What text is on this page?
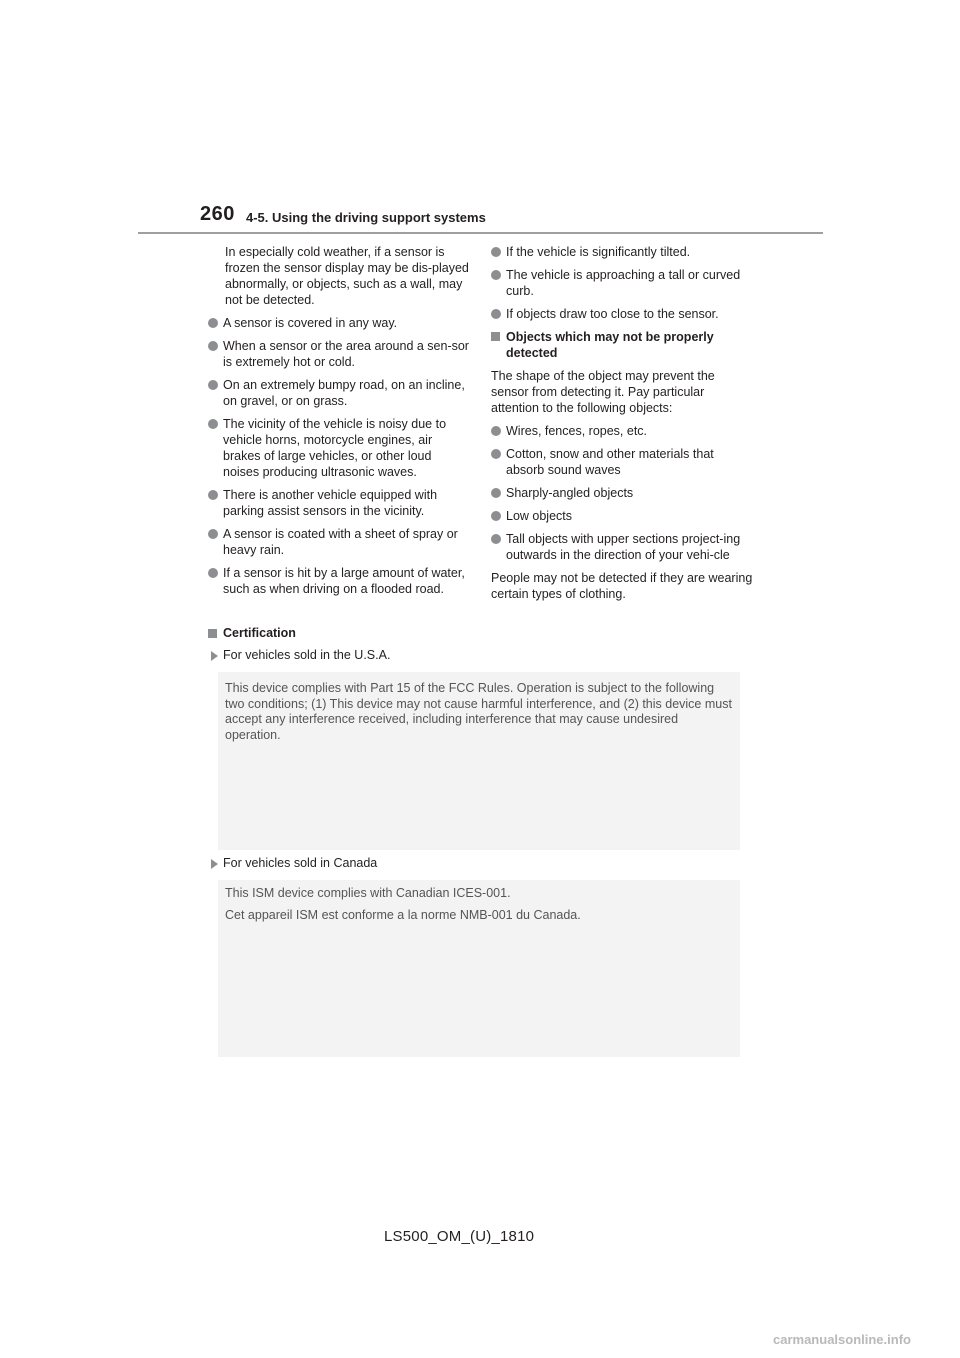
260 4-5. Using the driving support systems

In especially cold weather, if a sensor is frozen the sensor display may be dis-played abnormally, or objects, such as a wall, may not be detected.

A sensor is covered in any way.
When a sensor or the area around a sen-sor is extremely hot or cold.
On an extremely bumpy road, on an incline, on gravel, or on grass.
The vicinity of the vehicle is noisy due to vehicle horns, motorcycle engines, air brakes of large vehicles, or other loud noises producing ultrasonic waves.
There is another vehicle equipped with parking assist sensors in the vicinity.
A sensor is coated with a sheet of spray or heavy rain.
If a sensor is hit by a large amount of water, such as when driving on a flooded road.
If the vehicle is significantly tilted.
The vehicle is approaching a tall or curved curb.
If objects draw too close to the sensor.
Objects which may not be properly detected

The shape of the object may prevent the sensor from detecting it. Pay particular attention to the following objects:

Wires, fences, ropes, etc.
Cotton, snow and other materials that absorb sound waves
Sharply-angled objects
Low objects
Tall objects with upper sections project-ing outwards in the direction of your vehi-cle

People may not be detected if they are wearing certain types of clothing.

Certification
For vehicles sold in the U.S.A.
This device complies with Part 15 of the FCC Rules. Operation is subject to the following two conditions; (1) This device may not cause harmful interference, and (2) this device must accept any interference received, including interference that may cause undesired operation.
For vehicles sold in Canada

This ISM device complies with Canadian ICES-001.

Cet appareil ISM est conforme a la norme NMB-001 du Canada.

LS500_OM_(U)_1810
carmanualsonline.info
